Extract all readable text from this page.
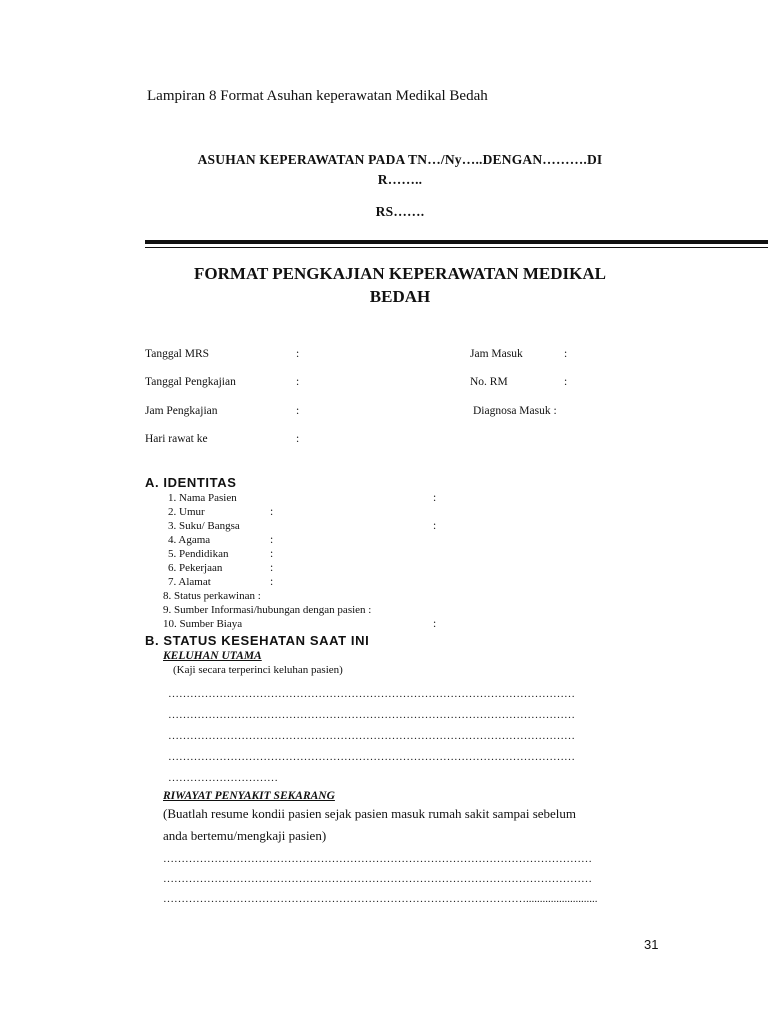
Lampiran 8 Format Asuhan keperawatan Medikal Bedah
ASUHAN KEPERAWATAN PADA TN…/Ny…..DENGAN……….DI
R……..
RS…….
FORMAT PENGKAJIAN KEPERAWATAN MEDIKAL
BEDAH
Tanggal MRS	:	Jam Masuk	:
Tanggal Pengkajian	:	No. RM	:
Jam Pengkajian	:	Diagnosa Masuk :
Hari rawat ke	:
A. IDENTITAS
1. Nama Pasien	:
2. Umur	:
3. Suku/ Bangsa	:
4. Agama	:
5. Pendidikan	:
6. Pekerjaan	:
7. Alamat	:
8. Status perkawinan :
9. Sumber Informasi/hubungan dengan pasien :
10. Sumber Biaya	:
B. STATUS KESEHATAN SAAT INI
KELUHAN UTAMA
(Kaji secara terperinci keluhan pasien)
…………………………………………………………………………………………………
…………………………………………………………………………………………………
…………………………………………………………………………………………………
…………………………………………………………………………………………………
…………………………
RIWAYAT PENYAKIT SEKARANG
(Buatlah resume kondii pasien sejak pasien masuk rumah sakit sampai sebelum
anda bertemu/mengkaji pasien)
………………………………………………………………………………………………………
………………………………………………………………………………………………………
………………………………………………………………………………………..........................
31
